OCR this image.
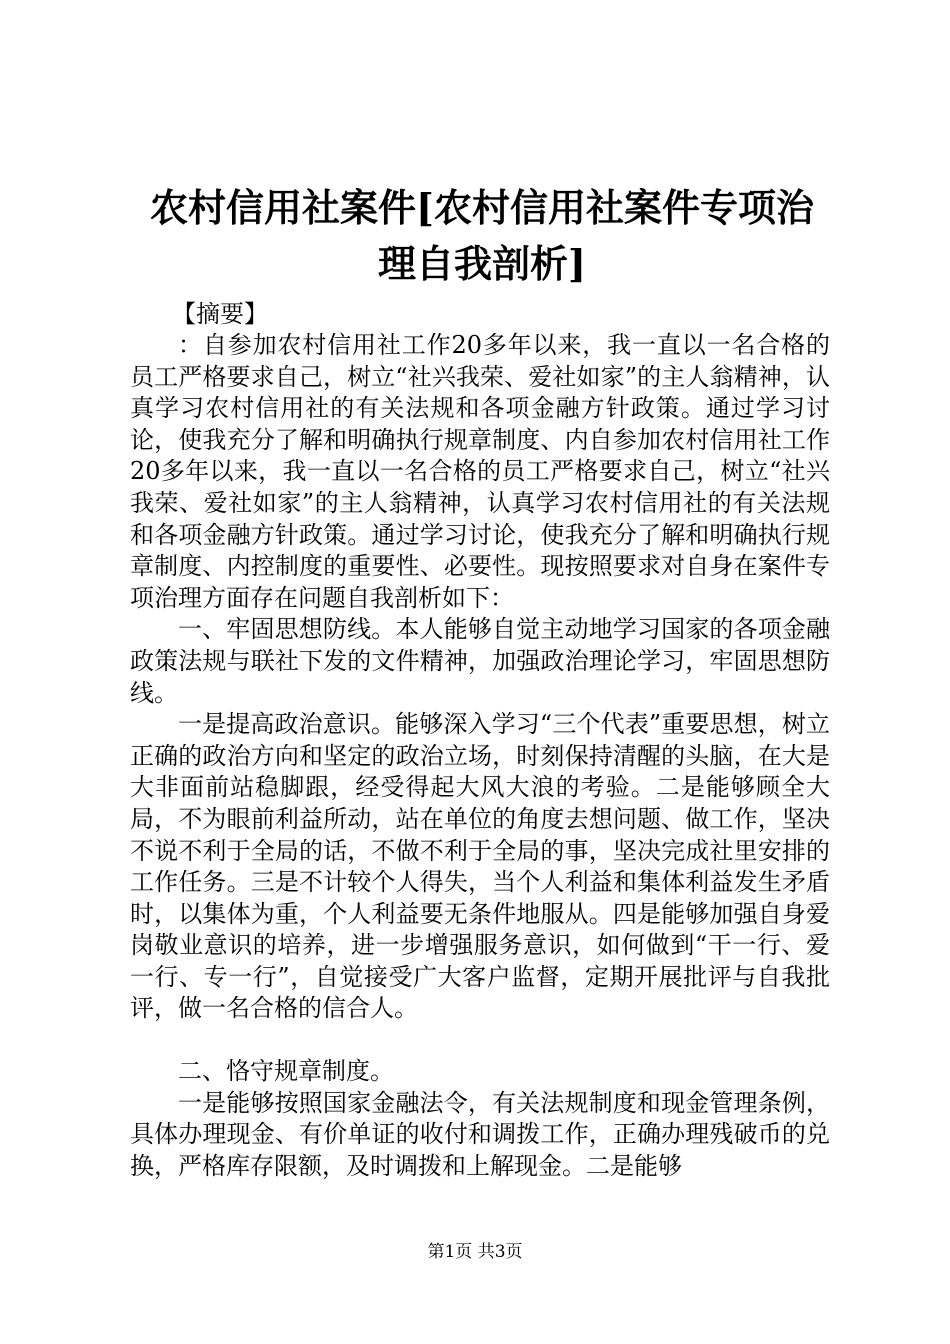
农村信用社案件[农村信用社案件专项治理自我剖析]
【摘要】

：自参加农村信用社工作20多年以来，我一直以一名合格的员工严格要求自己，树立“社兴我荣、爱社如家”的主人翁精神，认真学习农村信用社的有关法规和各项金融方针政策。通过学习讨论，使我充分了解和明确执行规章制度、内自参加农村信用社工作20多年以来，我一直以一名合格的员工严格要求自己，树立“社兴我荣、爱社如家”的主人翁精神，认真学习农村信用社的有关法规和各项金融方针政策。通过学习讨论，使我充分了解和明确执行规章制度、内控制度的重要性、必要性。现按照要求对自身在案件专项治理方面存在问题自我剖析如下：

一、牢固思想防线。本人能够自觉主动地学习国家的各项金融政策法规与联社下发的文件精神，加强政治理论学习，牢固思想防线。

一是提高政治意识。能够深入学习“三个代表”重要思想，树立正确的政治方向和坚定的政治立场，时刻保持清醒的头脑，在大是大非面前站稳脚跟，经受得起大风大浪的考验。二是能够顾全大局，不为眼前利益所动，站在单位的角度去想问题、做工作，坚决不说不利于全局的话，不做不利于全局的事，坚决完成社里安排的工作任务。三是不计较个人得失，当个人利益和集体利益发生矛盾时，以集体为重，个人利益要无条件地服从。四是能够加强自身爱岗敬业意识的培养，进一步增强服务意识，如何做到“干一行、爱一行、专一行”，自觉接受广大客户监督，定期开展批评与自我批评，做一名合格的信合人。

二、恪守规章制度。

一是能够按照国家金融法令，有关法规制度和现金管理条例，具体办理现金、有价单证的收付和调拨工作，正确办理残破币的兑换，严格库存限额，及时调拨和上解现金。二是能够

第1页 共3页
